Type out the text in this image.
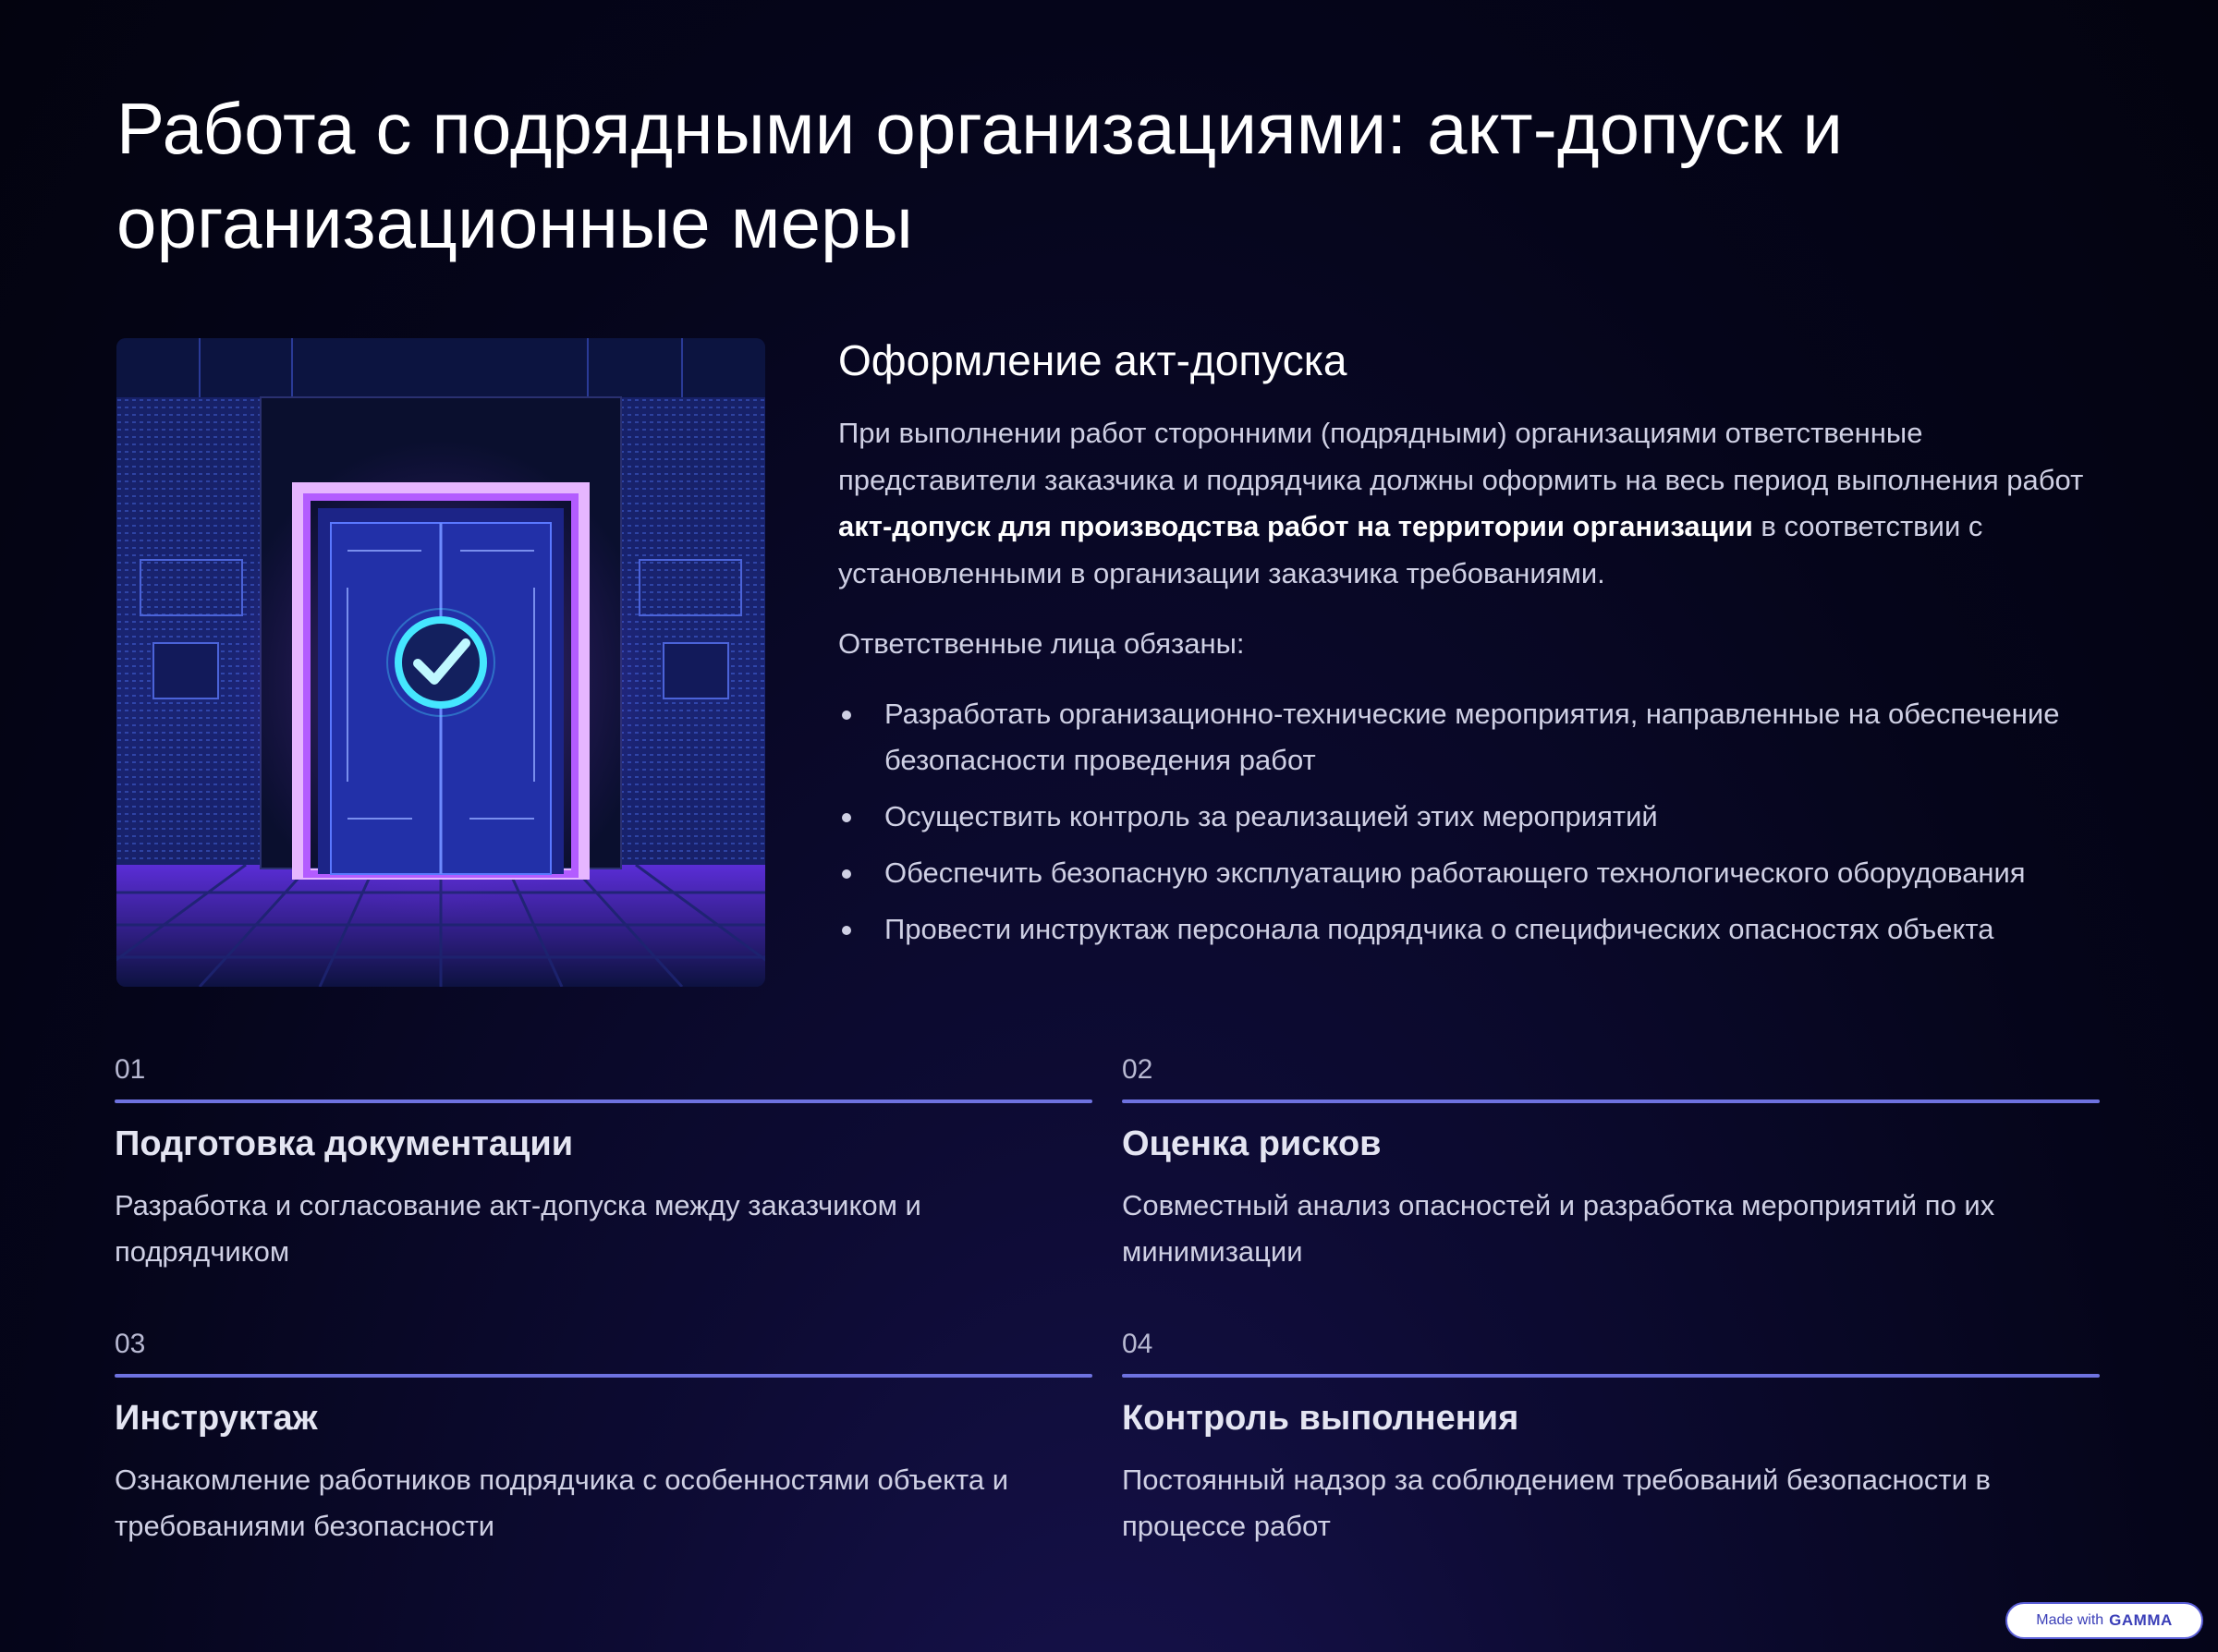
Работа с подрядными организациями: акт-допуск и организационные меры
Оформление акт-допуска

При выполнении работ сторонними (подрядными) организациями ответственные представители заказчика и подрядчика должны оформить на весь период выполнения работ акт-допуск для производства работ на территории организации в соответствии с установленными в организации заказчика требованиями.

Ответственные лица обязаны:

Разработать организационно-технические мероприятия, направленные на обеспечение безопасности проведения работ
Осуществить контроль за реализацией этих мероприятий
Обеспечить безопасную эксплуатацию работающего технологического оборудования
Провести инструктаж персонала подрядчика о специфических опасностях объекта
01
Подготовка документации
Разработка и согласование акт-допуска между заказчиком и подрядчиком
02
Оценка рисков
Совместный анализ опасностей и разработка мероприятий по их минимизации
03
Инструктаж
Ознакомление работников подрядчика с особенностями объекта и требованиями безопасности
04
Контроль выполнения
Постоянный надзор за соблюдением требований безопасности в процессе работ
Made with GAMMA
